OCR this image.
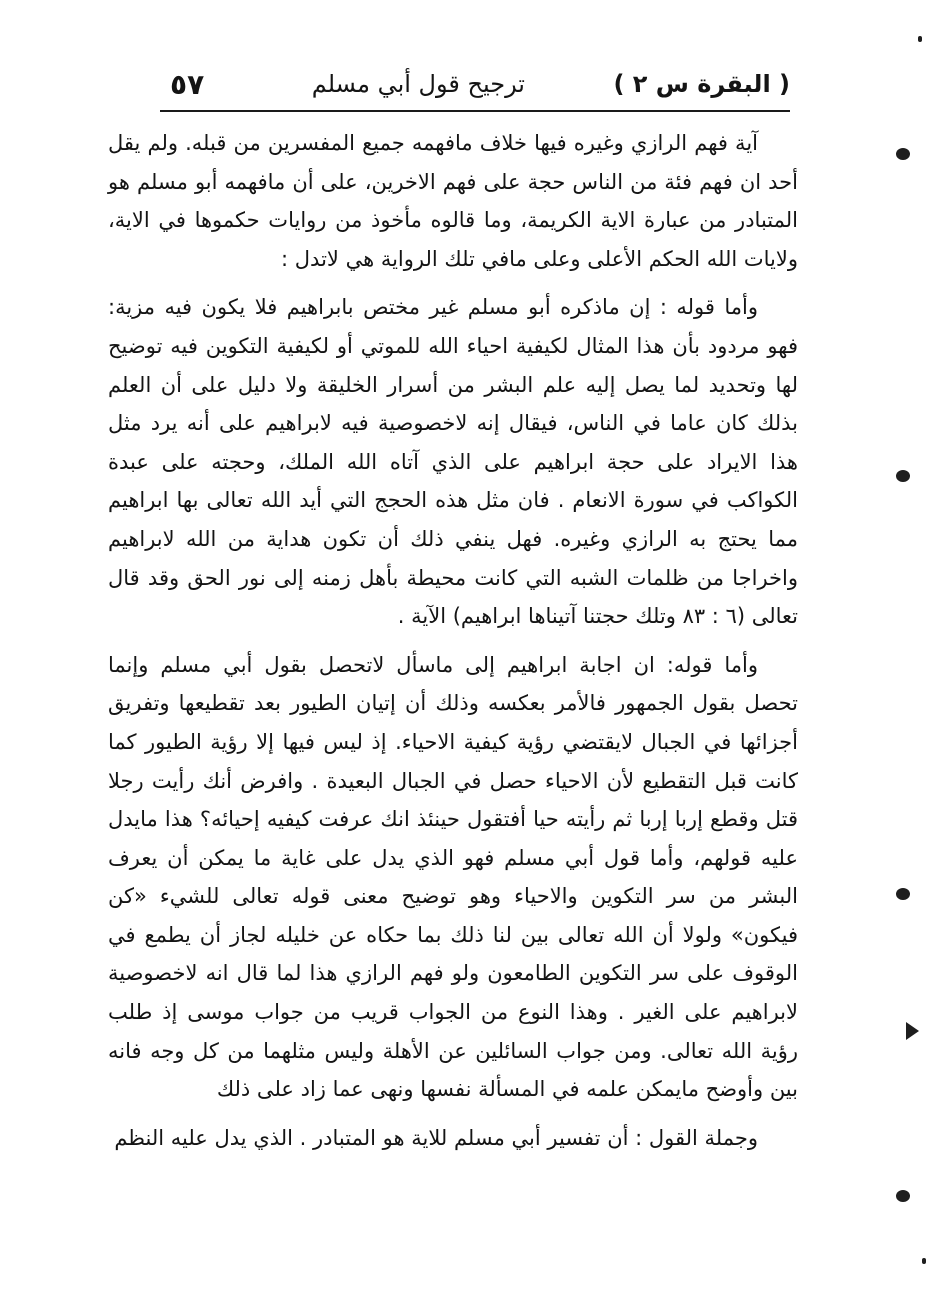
( البقرة س ٢ )
ترجيح قول أبي مسلم
٥٧

آية فهم الرازي وغيره فيها خلاف مافهمه جميع المفسرين من قبله. ولم يقل أحد ان فهم فئة من الناس حجة على فهم الاخرين، على أن مافهمه أبو مسلم هو المتبادر من عبارة الاية الكريمة، وما قالوه مأخوذ من روايات حكموها في الاية، ولايات الله الحكم الأعلى وعلى مافي تلك الرواية هي لاتدل :

وأما قوله : إن ماذكره أبو مسلم غير مختص بابراهيم فلا يكون فيه مزية: فهو مردود بأن هذا المثال لكيفية احياء الله للموتي أو لكيفية التكوين فيه توضيح لها وتحديد لما يصل إليه علم البشر من أسرار الخليقة ولا دليل على أن العلم بذلك كان عاما في الناس، فيقال إنه لاخصوصية فيه لابراهيم على أنه يرد مثل هذا الايراد على حجة ابراهيم على الذي آتاه الله الملك، وحجته على عبدة الكواكب في سورة الانعام . فان مثل هذه الحجج التي أيد الله تعالى بها ابراهيم مما يحتج به الرازي وغيره. فهل ينفي ذلك أن تكون هداية من الله لابراهيم واخراجا من ظلمات الشبه التي كانت محيطة بأهل زمنه إلى نور الحق وقد قال تعالى (٦ : ٨٣ وتلك حجتنا آتيناها ابراهيم) الآية .

وأما قوله: ان اجابة ابراهيم إلى ماسأل لاتحصل بقول أبي مسلم وإنما تحصل بقول الجمهور فالأمر بعكسه وذلك أن إتيان الطيور بعد تقطيعها وتفريق أجزائها في الجبال لايقتضي رؤية كيفية الاحياء. إذ ليس فيها إلا رؤية الطيور كما كانت قبل التقطيع لأن الاحياء حصل في الجبال البعيدة . وافرض أنك رأيت رجلا قتل وقطع إربا إربا ثم رأيته حيا أفتقول حينئذ انك عرفت كيفيه إحيائه؟ هذا مايدل عليه قولهم، وأما قول أبي مسلم فهو الذي يدل على غاية ما يمكن أن يعرف البشر من سر التكوين والاحياء وهو توضيح معنى قوله تعالى للشيء «كن فيكون» ولولا أن الله تعالى بين لنا ذلك بما حكاه عن خليله لجاز أن يطمع في الوقوف على سر التكوين الطامعون ولو فهم الرازي هذا لما قال انه لاخصوصية لابراهيم على الغير . وهذا النوع من الجواب قريب من جواب موسى إذ طلب رؤية الله تعالى. ومن جواب السائلين عن الأهلة وليس مثلهما من كل وجه فانه بين وأوضح مايمكن علمه في المسألة نفسها ونهى عما زاد على ذلك

وجملة القول : أن تفسير أبي مسلم للاية هو المتبادر . الذي يدل عليه النظم
